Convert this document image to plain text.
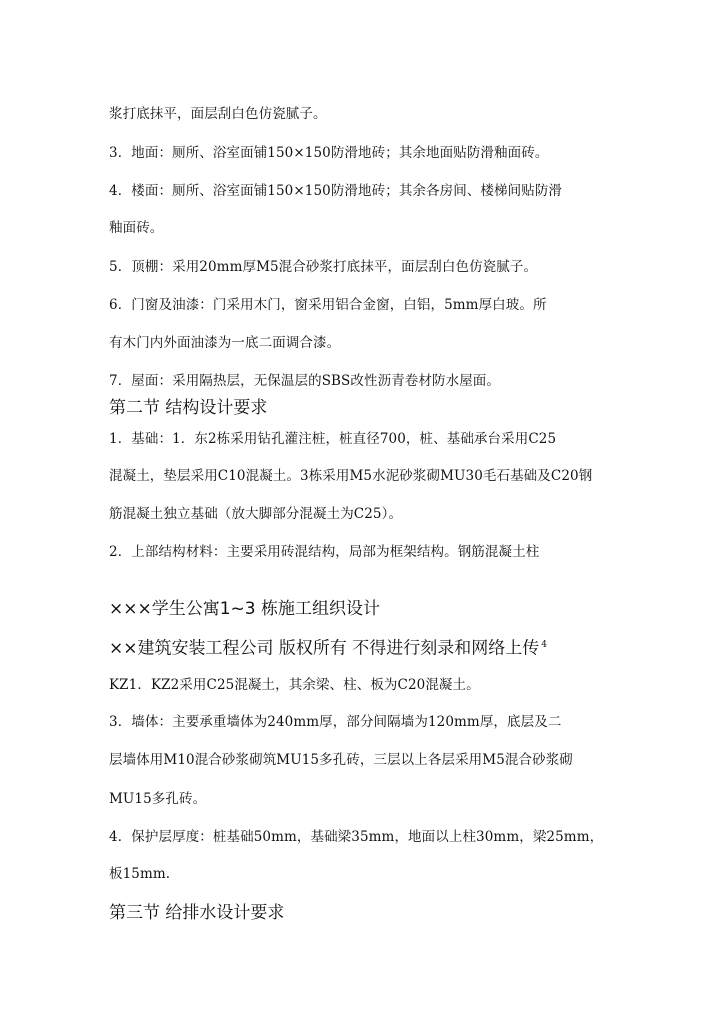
浆打底抹平，面层刮白色仿瓷腻子。
3．地面：厕所、浴室面铺150×150防滑地砖；其余地面贴防滑釉面砖。
4．楼面：厕所、浴室面铺150×150防滑地砖；其余各房间、楼梯间贴防滑
釉面砖。
5．顶棚：采用20mm厚M5混合砂浆打底抹平，面层刮白色仿瓷腻子。
6．门窗及油漆：门采用木门，窗采用铝合金窗，白铝，5mm厚白玻。所
有木门内外面油漆为一底二面调合漆。
7．屋面：采用隔热层，无保温层的SBS改性沥青卷材防水屋面。
第二节 结构设计要求
1．基础：1．东2栋采用钻孔灌注桩，桩直径700，桩、基础承台采用C25
混凝土，垫层采用C10混凝土。3栋采用M5水泥砂浆砌MU30毛石基础及C20钢
筋混凝土独立基础（放大脚部分混凝土为C25）。
2．上部结构材料：主要采用砖混结构，局部为框架结构。钢筋混凝土柱
×××学生公寓1~3 栋施工组织设计
××建筑安装工程公司 版权所有 不得进行刻录和网络上传 $^4$
KZ1．KZ2采用C25混凝土，其余梁、柱、板为C20混凝土。
3．墙体：主要承重墙体为240mm厚，部分间隔墙为120mm厚，底层及二
层墙体用M10混合砂浆砌筑MU15多孔砖，三层以上各层采用M5混合砂浆砌
MU15多孔砖。
4．保护层厚度：桩基础50mm，基础梁35mm，地面以上柱30mm，梁25mm，
板15mm.
第三节 给排水设计要求
